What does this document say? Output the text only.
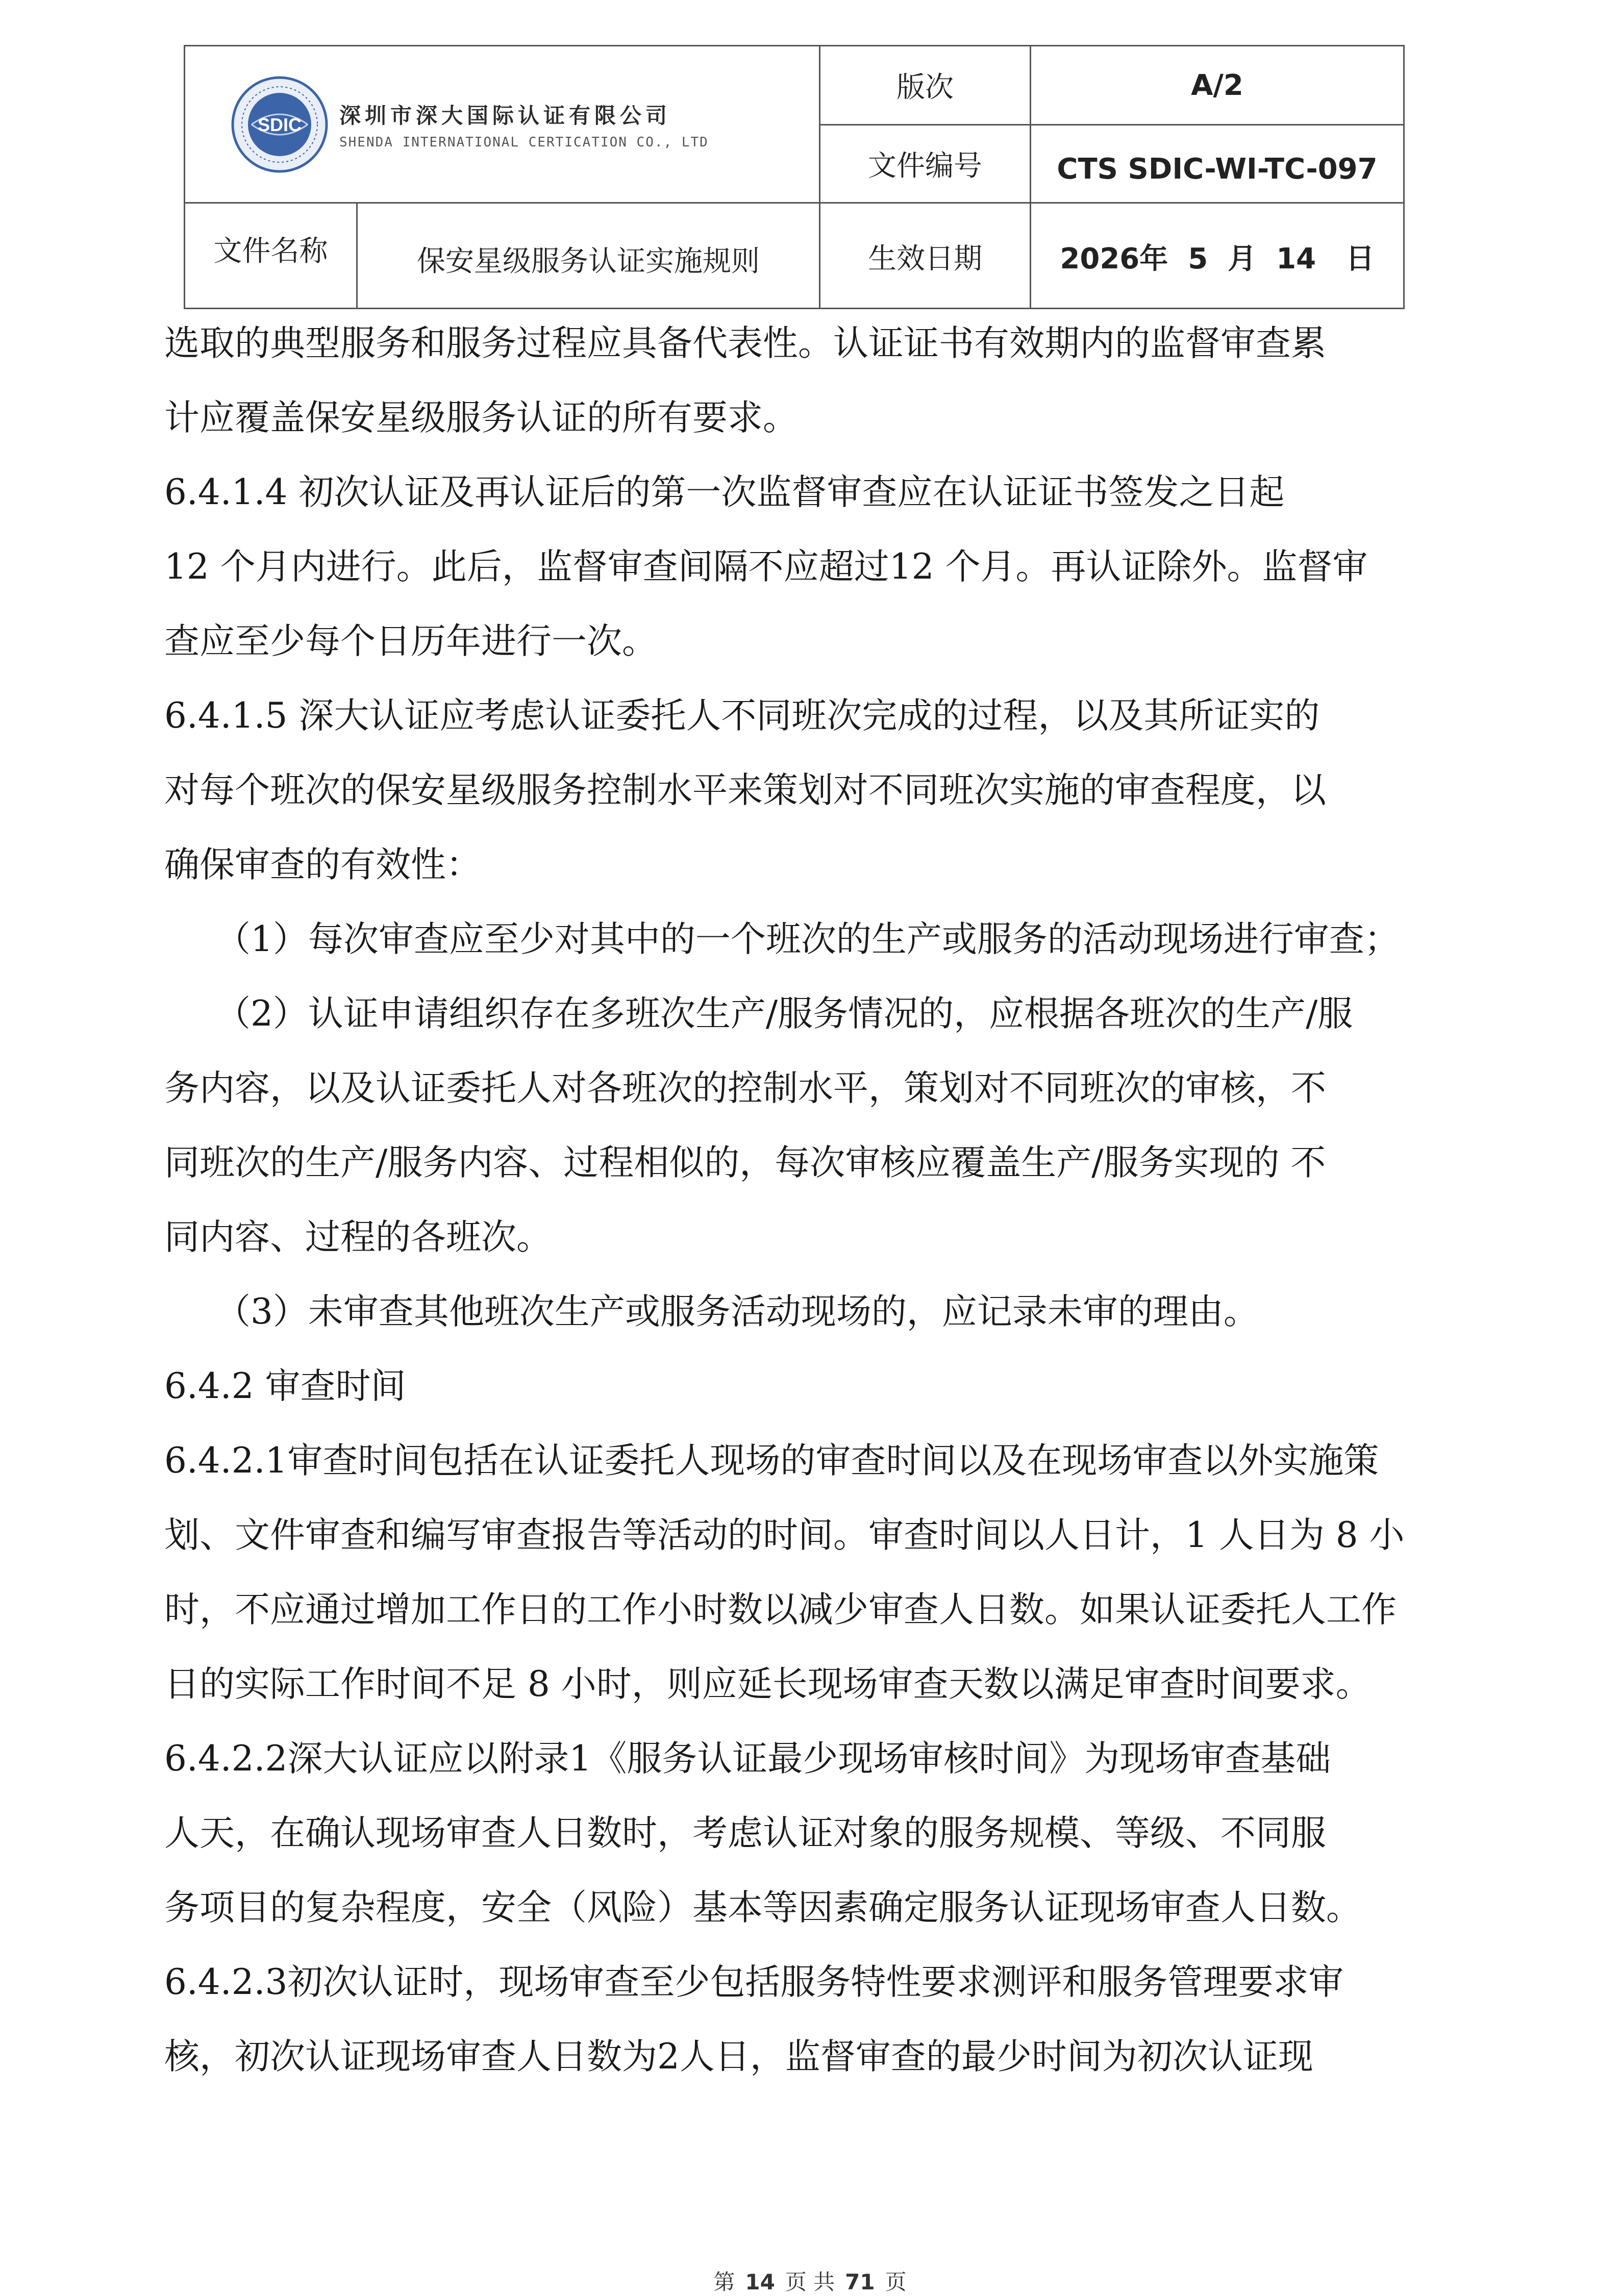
SDIC 深圳市深大国际认证有限公司
SHENDA INTERNATIONAL CERTICATION CO., LTD
版次	A/2
文件编号	CTS SDIC-WI-TC-097
文件名称	保安星级服务认证实施规则	生效日期	2026年  5  月  14   日
选取的典型服务和服务过程应具备代表性。认证证书有效期内的监督审查累
计应覆盖保安星级服务认证的所有要求。
6.4.1.4 初次认证及再认证后的第一次监督审查应在认证证书签发之日起
12 个月内进行。此后，监督审查间隔不应超过12 个月。再认证除外。监督审
查应至少每个日历年进行一次。
6.4.1.5 深大认证应考虑认证委托人不同班次完成的过程，以及其所证实的
对每个班次的保安星级服务控制水平来策划对不同班次实施的审查程度，以
确保审查的有效性：
（1）每次审查应至少对其中的一个班次的生产或服务的活动现场进行审查；
（2）认证申请组织存在多班次生产/服务情况的，应根据各班次的生产/服
务内容，以及认证委托人对各班次的控制水平，策划对不同班次的审核，不
同班次的生产/服务内容、过程相似的，每次审核应覆盖生产/服务实现的 不
同内容、过程的各班次。
（3）未审查其他班次生产或服务活动现场的，应记录未审的理由。
6.4.2 审查时间
6.4.2.1审查时间包括在认证委托人现场的审查时间以及在现场审查以外实施策
划、文件审查和编写审查报告等活动的时间。审查时间以人日计，1 人日为 8 小
时，不应通过增加工作日的工作小时数以减少审查人日数。如果认证委托人工作
日的实际工作时间不足 8 小时，则应延长现场审查天数以满足审查时间要求。
6.4.2.2深大认证应以附录1《服务认证最少现场审核时间》为现场审查基础
人天，在确认现场审查人日数时，考虑认证对象的服务规模、等级、不同服
务项目的复杂程度，安全（风险）基本等因素确定服务认证现场审查人日数。
6.4.2.3初次认证时，现场审查至少包括服务特性要求测评和服务管理要求审
核，初次认证现场审查人日数为2人日，监督审查的最少时间为初次认证现
第 14 页 共 71 页
